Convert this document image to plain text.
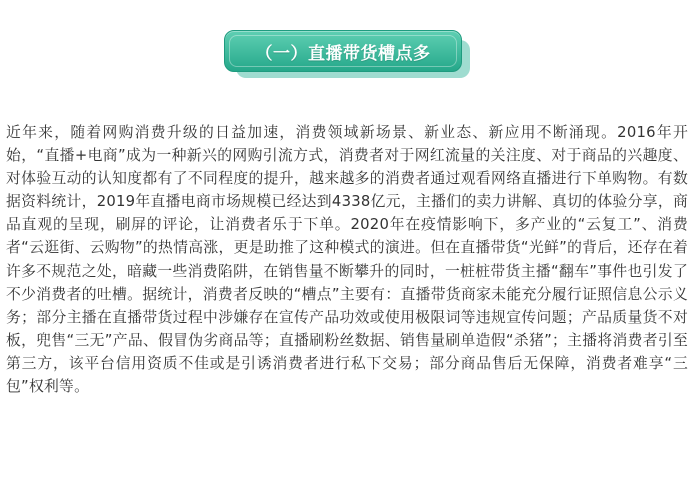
（一）直播带货槽点多

近年来，随着网购消费升级的日益加速，消费领域新场景、新业态、新应用不断涌现。2016年开始，“直播+电商”成为一种新兴的网购引流方式，消费者对于网红流量的关注度、对于商品的兴趣度、对体验互动的认知度都有了不同程度的提升，越来越多的消费者通过观看网络直播进行下单购物。有数据资料统计，2019年直播电商市场规模已经达到4338亿元，主播们的卖力讲解、真切的体验分享，商品直观的呈现，刷屏的评论，让消费者乐于下单。2020年在疫情影响下，多产业的“云复工”、消费者“云逛街、云购物”的热情高涨，更是助推了这种模式的演进。但在直播带货“光鲜”的背后，还存在着许多不规范之处，暗藏一些消费陷阱，在销售量不断攀升的同时，一桩桩带货主播“翻车”事件也引发了不少消费者的吐槽。据统计，消费者反映的“槽点”主要有：直播带货商家未能充分履行证照信息公示义务；部分主播在直播带货过程中涉嫌存在宣传产品功效或使用极限词等违规宣传问题；产品质量货不对板，兜售“三无”产品、假冒伪劣商品等；直播刷粉丝数据、销售量刷单造假“杀猪”；主播将消费者引至第三方，该平台信用资质不佳或是引诱消费者进行私下交易；部分商品售后无保障，消费者难享“三包”权利等。
